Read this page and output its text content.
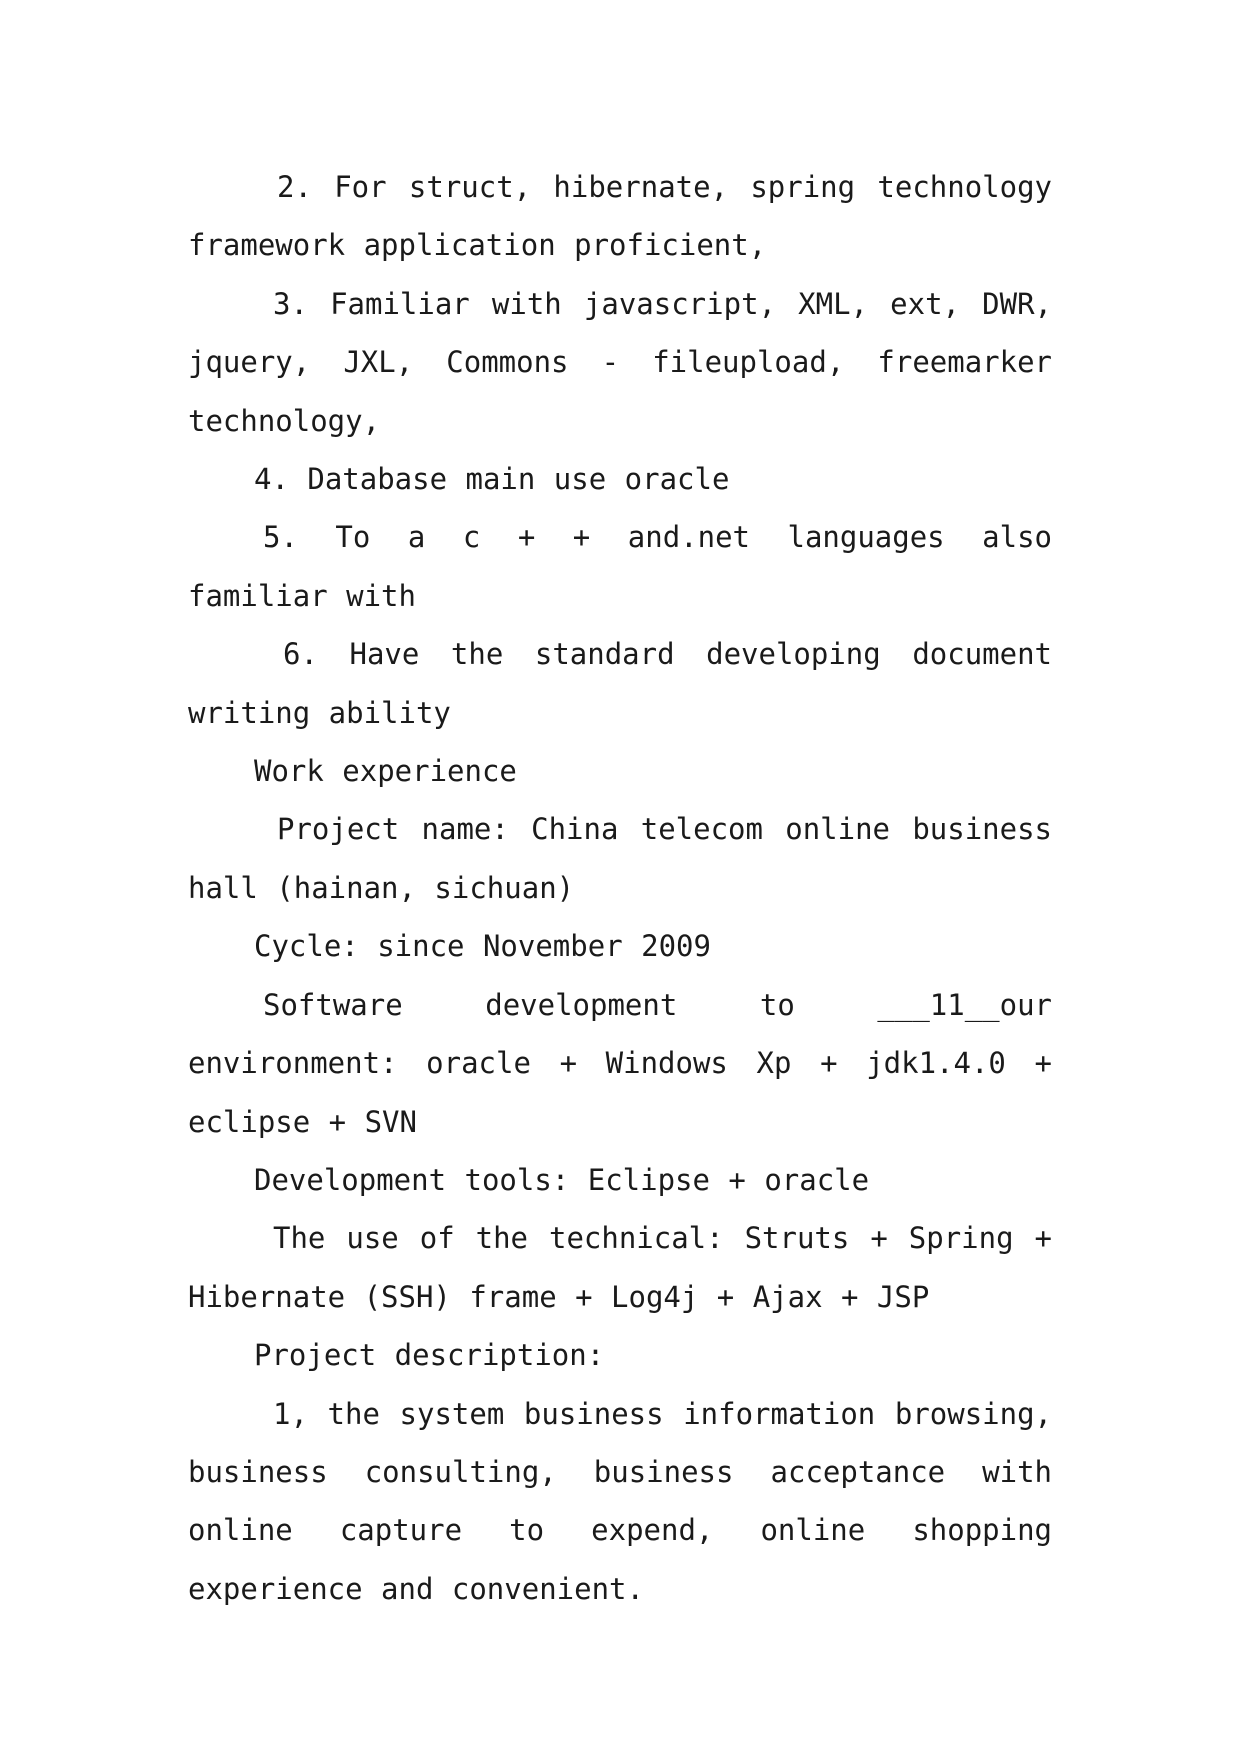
2. For struct, hibernate, spring technology framework application proficient,

3. Familiar with javascript, XML, ext, DWR, jquery, JXL, Commons - fileupload, freemarker technology,

4. Database main use oracle

5. To a c + + and.net languages also familiar with

6. Have the standard developing document writing ability

Work experience

Project name: China telecom online business hall (hainan, sichuan)

Cycle: since November 2009

Software development to ___11__our environment: oracle + Windows Xp + jdk1.4.0 + eclipse + SVN

Development tools: Eclipse + oracle

The use of the technical: Struts + Spring + Hibernate (SSH) frame + Log4j + Ajax + JSP

Project description:

1, the system business information browsing, business consulting, business acceptance with online capture to expend, online shopping experience and convenient.
